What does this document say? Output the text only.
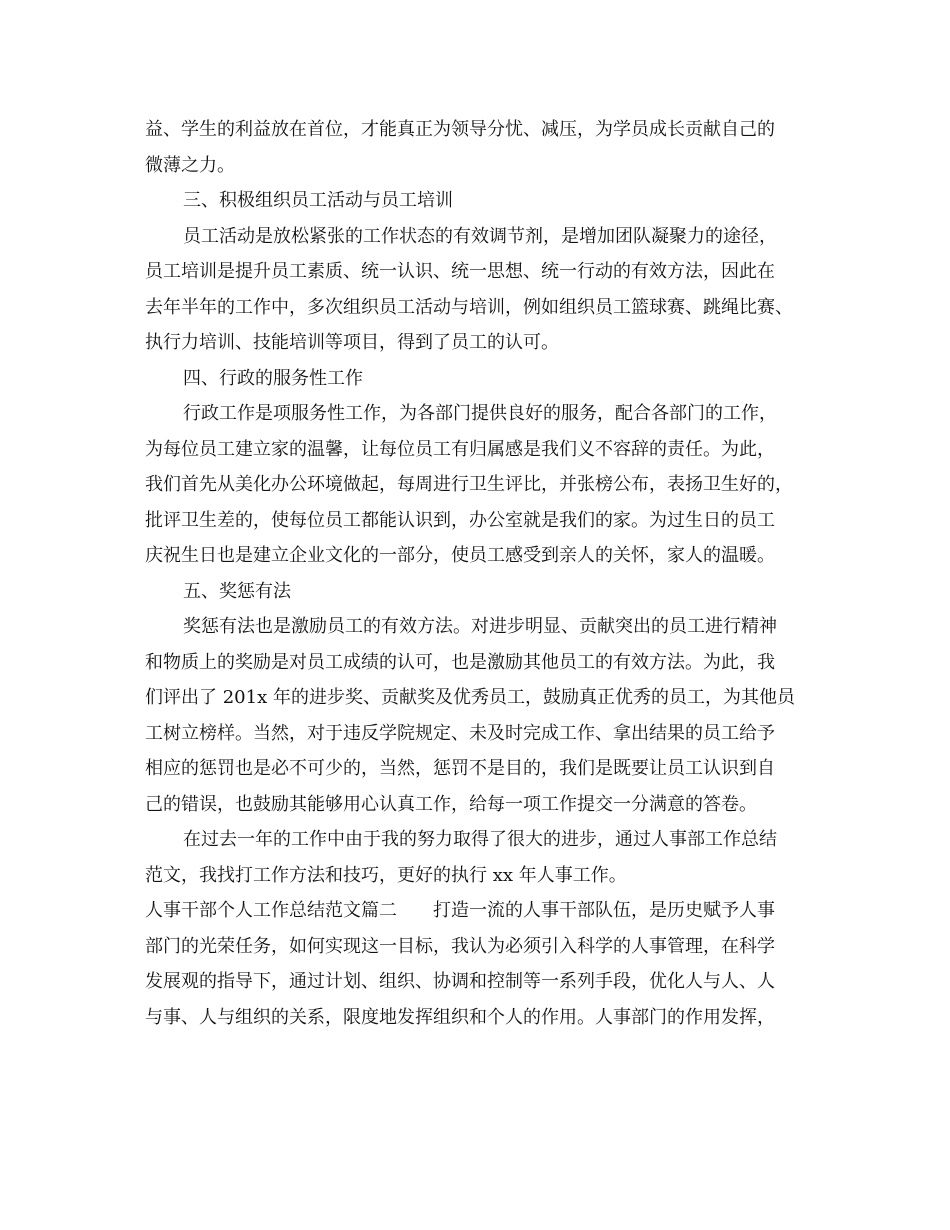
益、学生的利益放在首位，才能真正为领导分忧、减压，为学员成长贡献自己的
微薄之力。
三、积极组织员工活动与员工培训
员工活动是放松紧张的工作状态的有效调节剂，是增加团队凝聚力的途径，
员工培训是提升员工素质、统一认识、统一思想、统一行动的有效方法，因此在
去年半年的工作中，多次组织员工活动与培训，例如组织员工篮球赛、跳绳比赛、
执行力培训、技能培训等项目，得到了员工的认可。
四、行政的服务性工作
行政工作是项服务性工作，为各部门提供良好的服务，配合各部门的工作，
为每位员工建立家的温馨，让每位员工有归属感是我们义不容辞的责任。为此，
我们首先从美化办公环境做起，每周进行卫生评比，并张榜公布，表扬卫生好的，
批评卫生差的，使每位员工都能认识到，办公室就是我们的家。为过生日的员工
庆祝生日也是建立企业文化的一部分，使员工感受到亲人的关怀，家人的温暖。
五、奖惩有法
奖惩有法也是激励员工的有效方法。对进步明显、贡献突出的员工进行精神
和物质上的奖励是对员工成绩的认可，也是激励其他员工的有效方法。为此，我
们评出了 201x 年的进步奖、贡献奖及优秀员工，鼓励真正优秀的员工，为其他员
工树立榜样。当然，对于违反学院规定、未及时完成工作、拿出结果的员工给予
相应的惩罚也是必不可少的，当然，惩罚不是目的，我们是既要让员工认识到自
己的错误，也鼓励其能够用心认真工作，给每一项工作提交一分满意的答卷。
在过去一年的工作中由于我的努力取得了很大的进步，通过人事部工作总结
范文，我找打工作方法和技巧，更好的执行 xx 年人事工作。
人事干部个人工作总结范文篇二　　打造一流的人事干部队伍，是历史赋予人事
部门的光荣任务，如何实现这一目标，我认为必须引入科学的人事管理，在科学
发展观的指导下，通过计划、组织、协调和控制等一系列手段，优化人与人、人
与事、人与组织的关系，限度地发挥组织和个人的作用。人事部门的作用发挥，
